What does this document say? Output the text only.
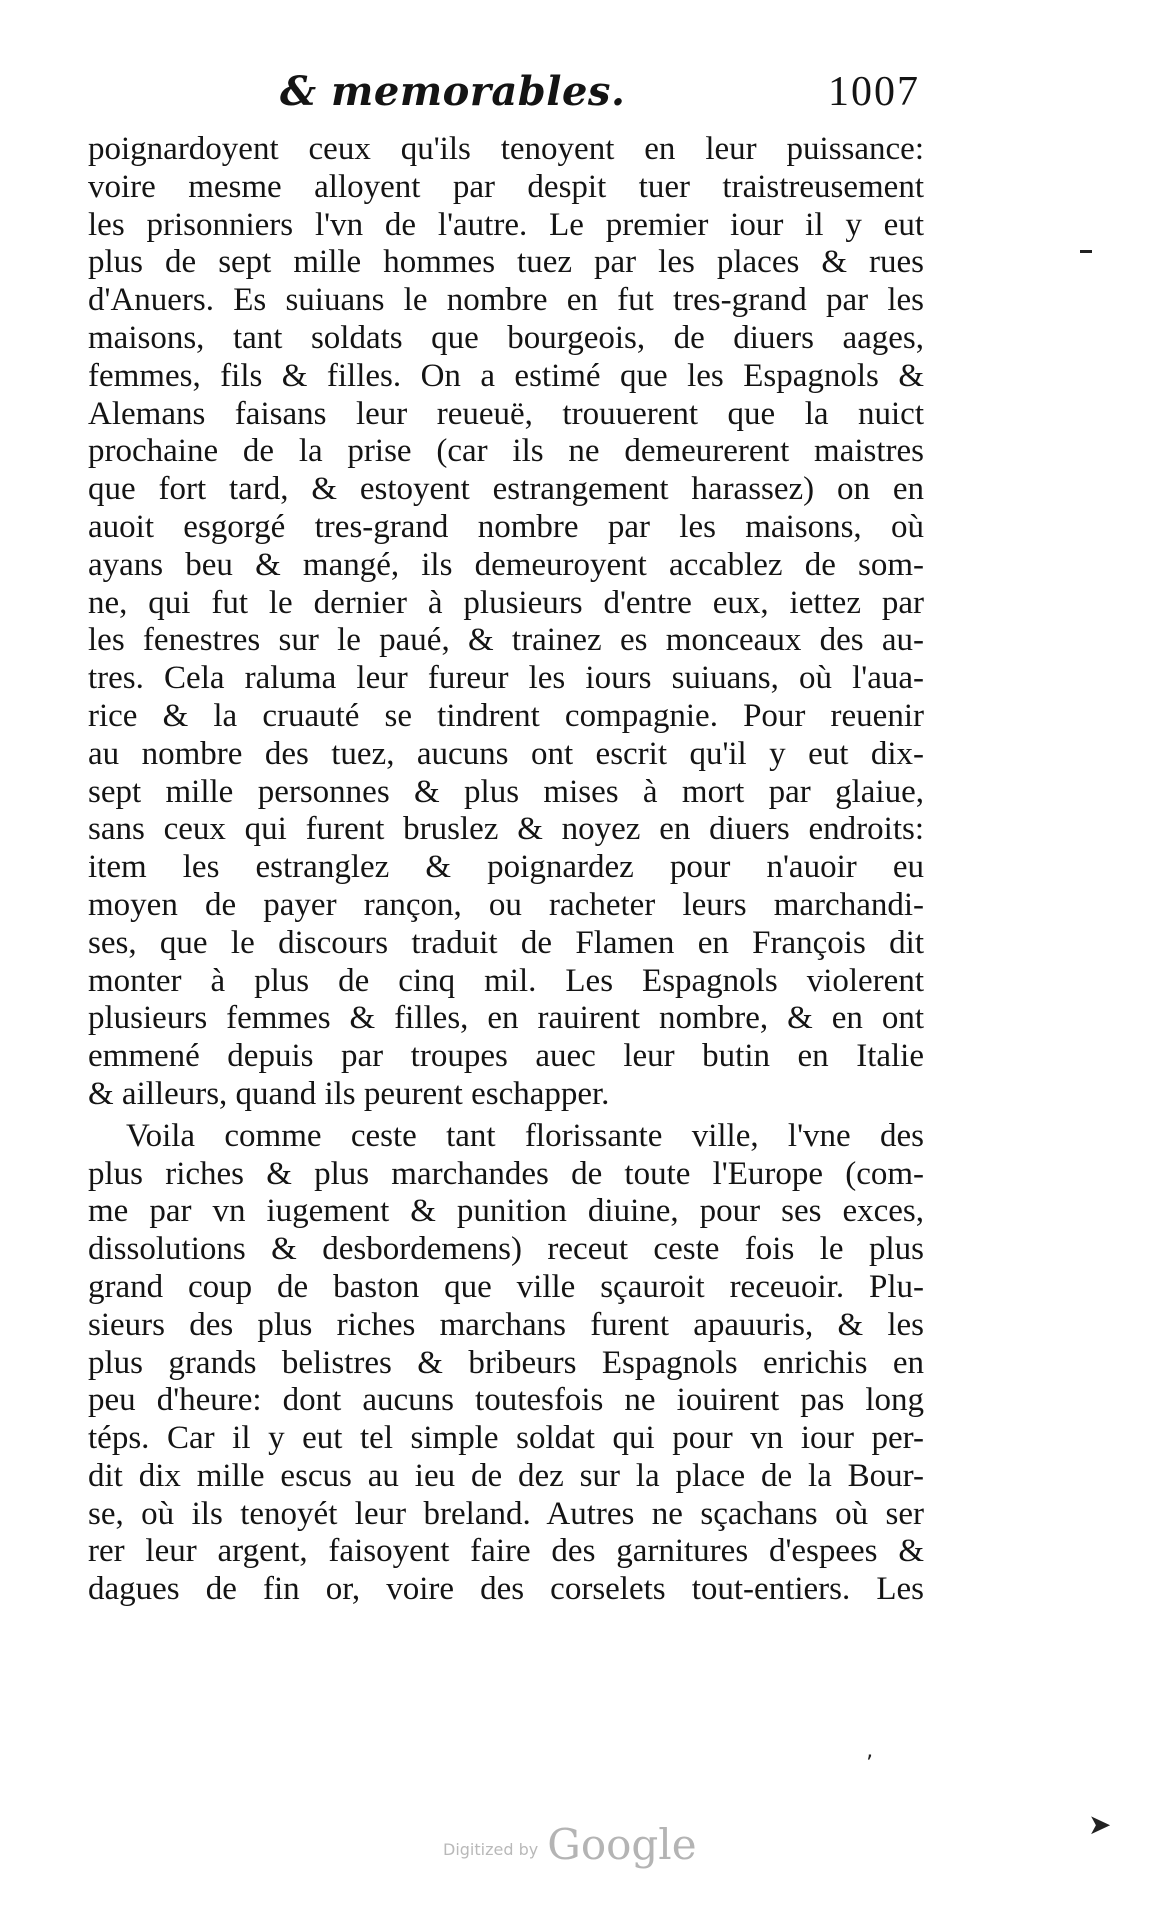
& memorables.	1007
poignardoyent ceux qu'ils tenoyent en leur puissance:
voire mesme alloyent par despit tuer traistreusement
les prisonniers l'vn de l'autre. Le premier iour il y eut
plus de sept mille hommes tuez par les places & rues
d'Anuers. Es suiuans le nombre en fut tres-grand par les
maisons, tant soldats que bourgeois, de diuers aages,
femmes, fils & filles. On a estimé que les Espagnols &
Alemans faisans leur reueuë, trouuerent que la nuict
prochaine de la prise (car ils ne demeurerent maistres
que fort tard, & estoyent estrangement harassez) on en
auoit esgorgé tres-grand nombre par les maisons, où
ayans beu & mangé, ils demeuroyent accablez de som-
ne, qui fut le dernier à plusieurs d'entre eux, iettez par
les fenestres sur le paué, & trainez es monceaux des au-
tres. Cela raluma leur fureur les iours suiuans, où l'aua-
rice & la cruauté se tindrent compagnie. Pour reuenir
au nombre des tuez, aucuns ont escrit qu'il y eut dix-
sept mille personnes & plus mises à mort par glaiue,
sans ceux qui furent bruslez & noyez en diuers endroits:
item les estranglez & poignardez pour n'auoir eu
moyen de payer rançon, ou racheter leurs marchandi-
ses, que le discours traduit de Flamen en François dit
monter à plus de cinq mil. Les Espagnols violerent
plusieurs femmes & filles, en rauirent nombre, & en ont
emmené depuis par troupes auec leur butin en Italie
& ailleurs, quand ils peurent eschapper.
Voila comme ceste tant florissante ville, l'vne des
plus riches & plus marchandes de toute l'Europe (com-
me par vn iugement & punition diuine, pour ses exces,
dissolutions & desbordemens) receut ceste fois le plus
grand coup de baston que ville sçauroit receuoir. Plu-
sieurs des plus riches marchans furent apauuris, & les
plus grands belistres & bribeurs Espagnols enrichis en
peu d'heure: dont aucuns toutesfois ne iouirent pas long
téps. Car il y eut tel simple soldat qui pour vn iour per-
dit dix mille escus au ieu de dez sur la place de la Bour-
se, où ils tenoyét leur breland. Autres ne sçachans où ser
rer leur argent, faisoyent faire des garnitures d'espees &
dagues de fin or, voire des corselets tout-entiers. Les
’
➤
Digitized by Google
